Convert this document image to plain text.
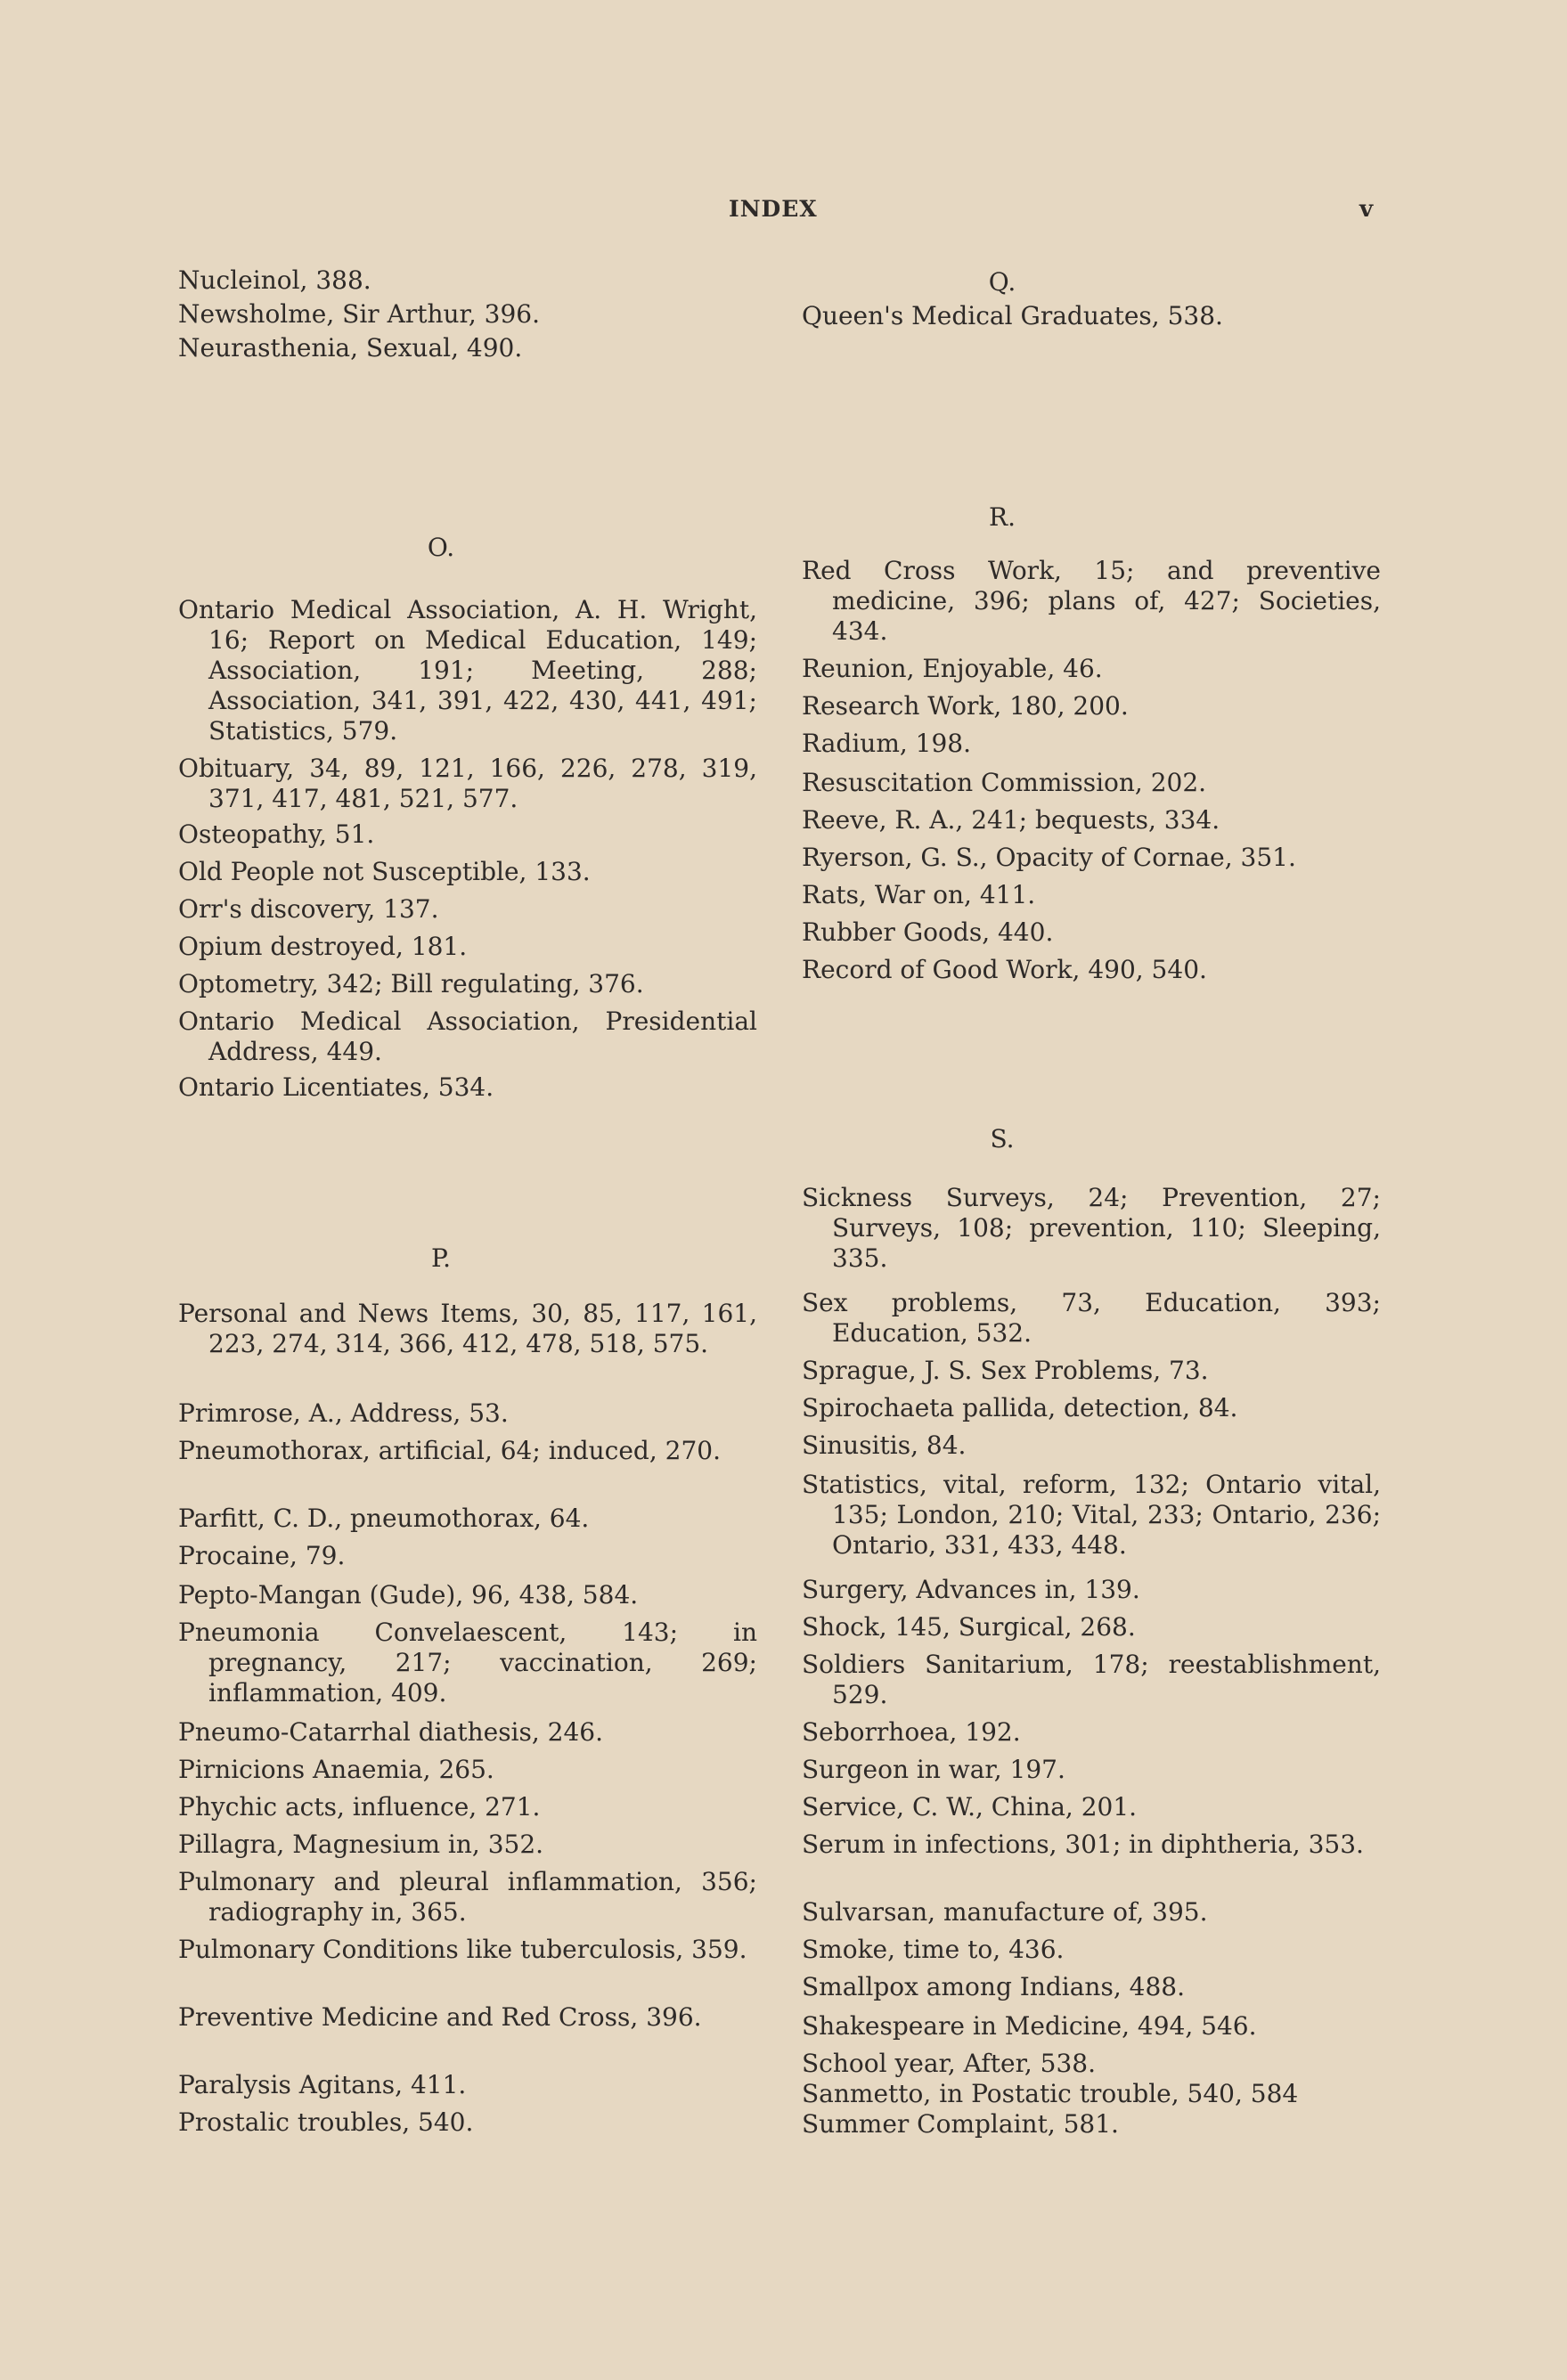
INDEX	v
Nucleinol, 388.
Newsholme, Sir Arthur, 396.
Neurasthenia, Sexual, 490.
O.
Ontario Medical Association, A. H. Wright, 16; Report on Medical Education, 149; Association, 191; Meeting, 288; Association, 341, 391, 422, 430, 441, 491; Statistics, 579.
Obituary, 34, 89, 121, 166, 226, 278, 319, 371, 417, 481, 521, 577.
Osteopathy, 51.
Old People not Susceptible, 133.
Orr's discovery, 137.
Opium destroyed, 181.
Optometry, 342; Bill regulating, 376.
Ontario Medical Association, Presidential Address, 449.
Ontario Licentiates, 534.
P.
Personal and News Items, 30, 85, 117, 161, 223, 274, 314, 366, 412, 478, 518, 575.
Primrose, A., Address, 53.
Pneumothorax, artificial, 64; induced, 270.
Parfitt, C. D., pneumothorax, 64.
Procaine, 79.
Pepto-Mangan (Gude), 96, 438, 584.
Pneumonia Convelaescent, 143; in pregnancy, 217; vaccination, 269; inflammation, 409.
Pneumo-Catarrhal diathesis, 246.
Pirnicions Anaemia, 265.
Phychic acts, influence, 271.
Pillagra, Magnesium in, 352.
Pulmonary and pleural inflammation, 356; radiography in, 365.
Pulmonary Conditions like tuberculosis, 359.
Preventive Medicine and Red Cross, 396.
Paralysis Agitans, 411.
Prostalic troubles, 540.
Q.
Queen's Medical Graduates, 538.
R.
Red Cross Work, 15; and preventive medicine, 396; plans of, 427; Societies, 434.
Reunion, Enjoyable, 46.
Research Work, 180, 200.
Radium, 198.
Resuscitation Commission, 202.
Reeve, R. A., 241; bequests, 334.
Ryerson, G. S., Opacity of Cornae, 351.
Rats, War on, 411.
Rubber Goods, 440.
Record of Good Work, 490, 540.
S.
Sickness Surveys, 24; Prevention, 27; Surveys, 108; prevention, 110; Sleeping, 335.
Sex problems, 73, Education, 393; Education, 532.
Sprague, J. S. Sex Problems, 73.
Spirochaeta pallida, detection, 84.
Sinusitis, 84.
Statistics, vital, reform, 132; Ontario vital, 135; London, 210; Vital, 233; Ontario, 236; Ontario, 331, 433, 448.
Surgery, Advances in, 139.
Shock, 145, Surgical, 268.
Soldiers Sanitarium, 178; reestablishment, 529.
Seborrhoea, 192.
Surgeon in war, 197.
Service, C. W., China, 201.
Serum in infections, 301; in diphtheria, 353.
Sulvarsan, manufacture of, 395.
Smoke, time to, 436.
Smallpox among Indians, 488.
Shakespeare in Medicine, 494, 546.
School year, After, 538.
Sanmetto, in Postatic trouble, 540, 584
Summer Complaint, 581.
